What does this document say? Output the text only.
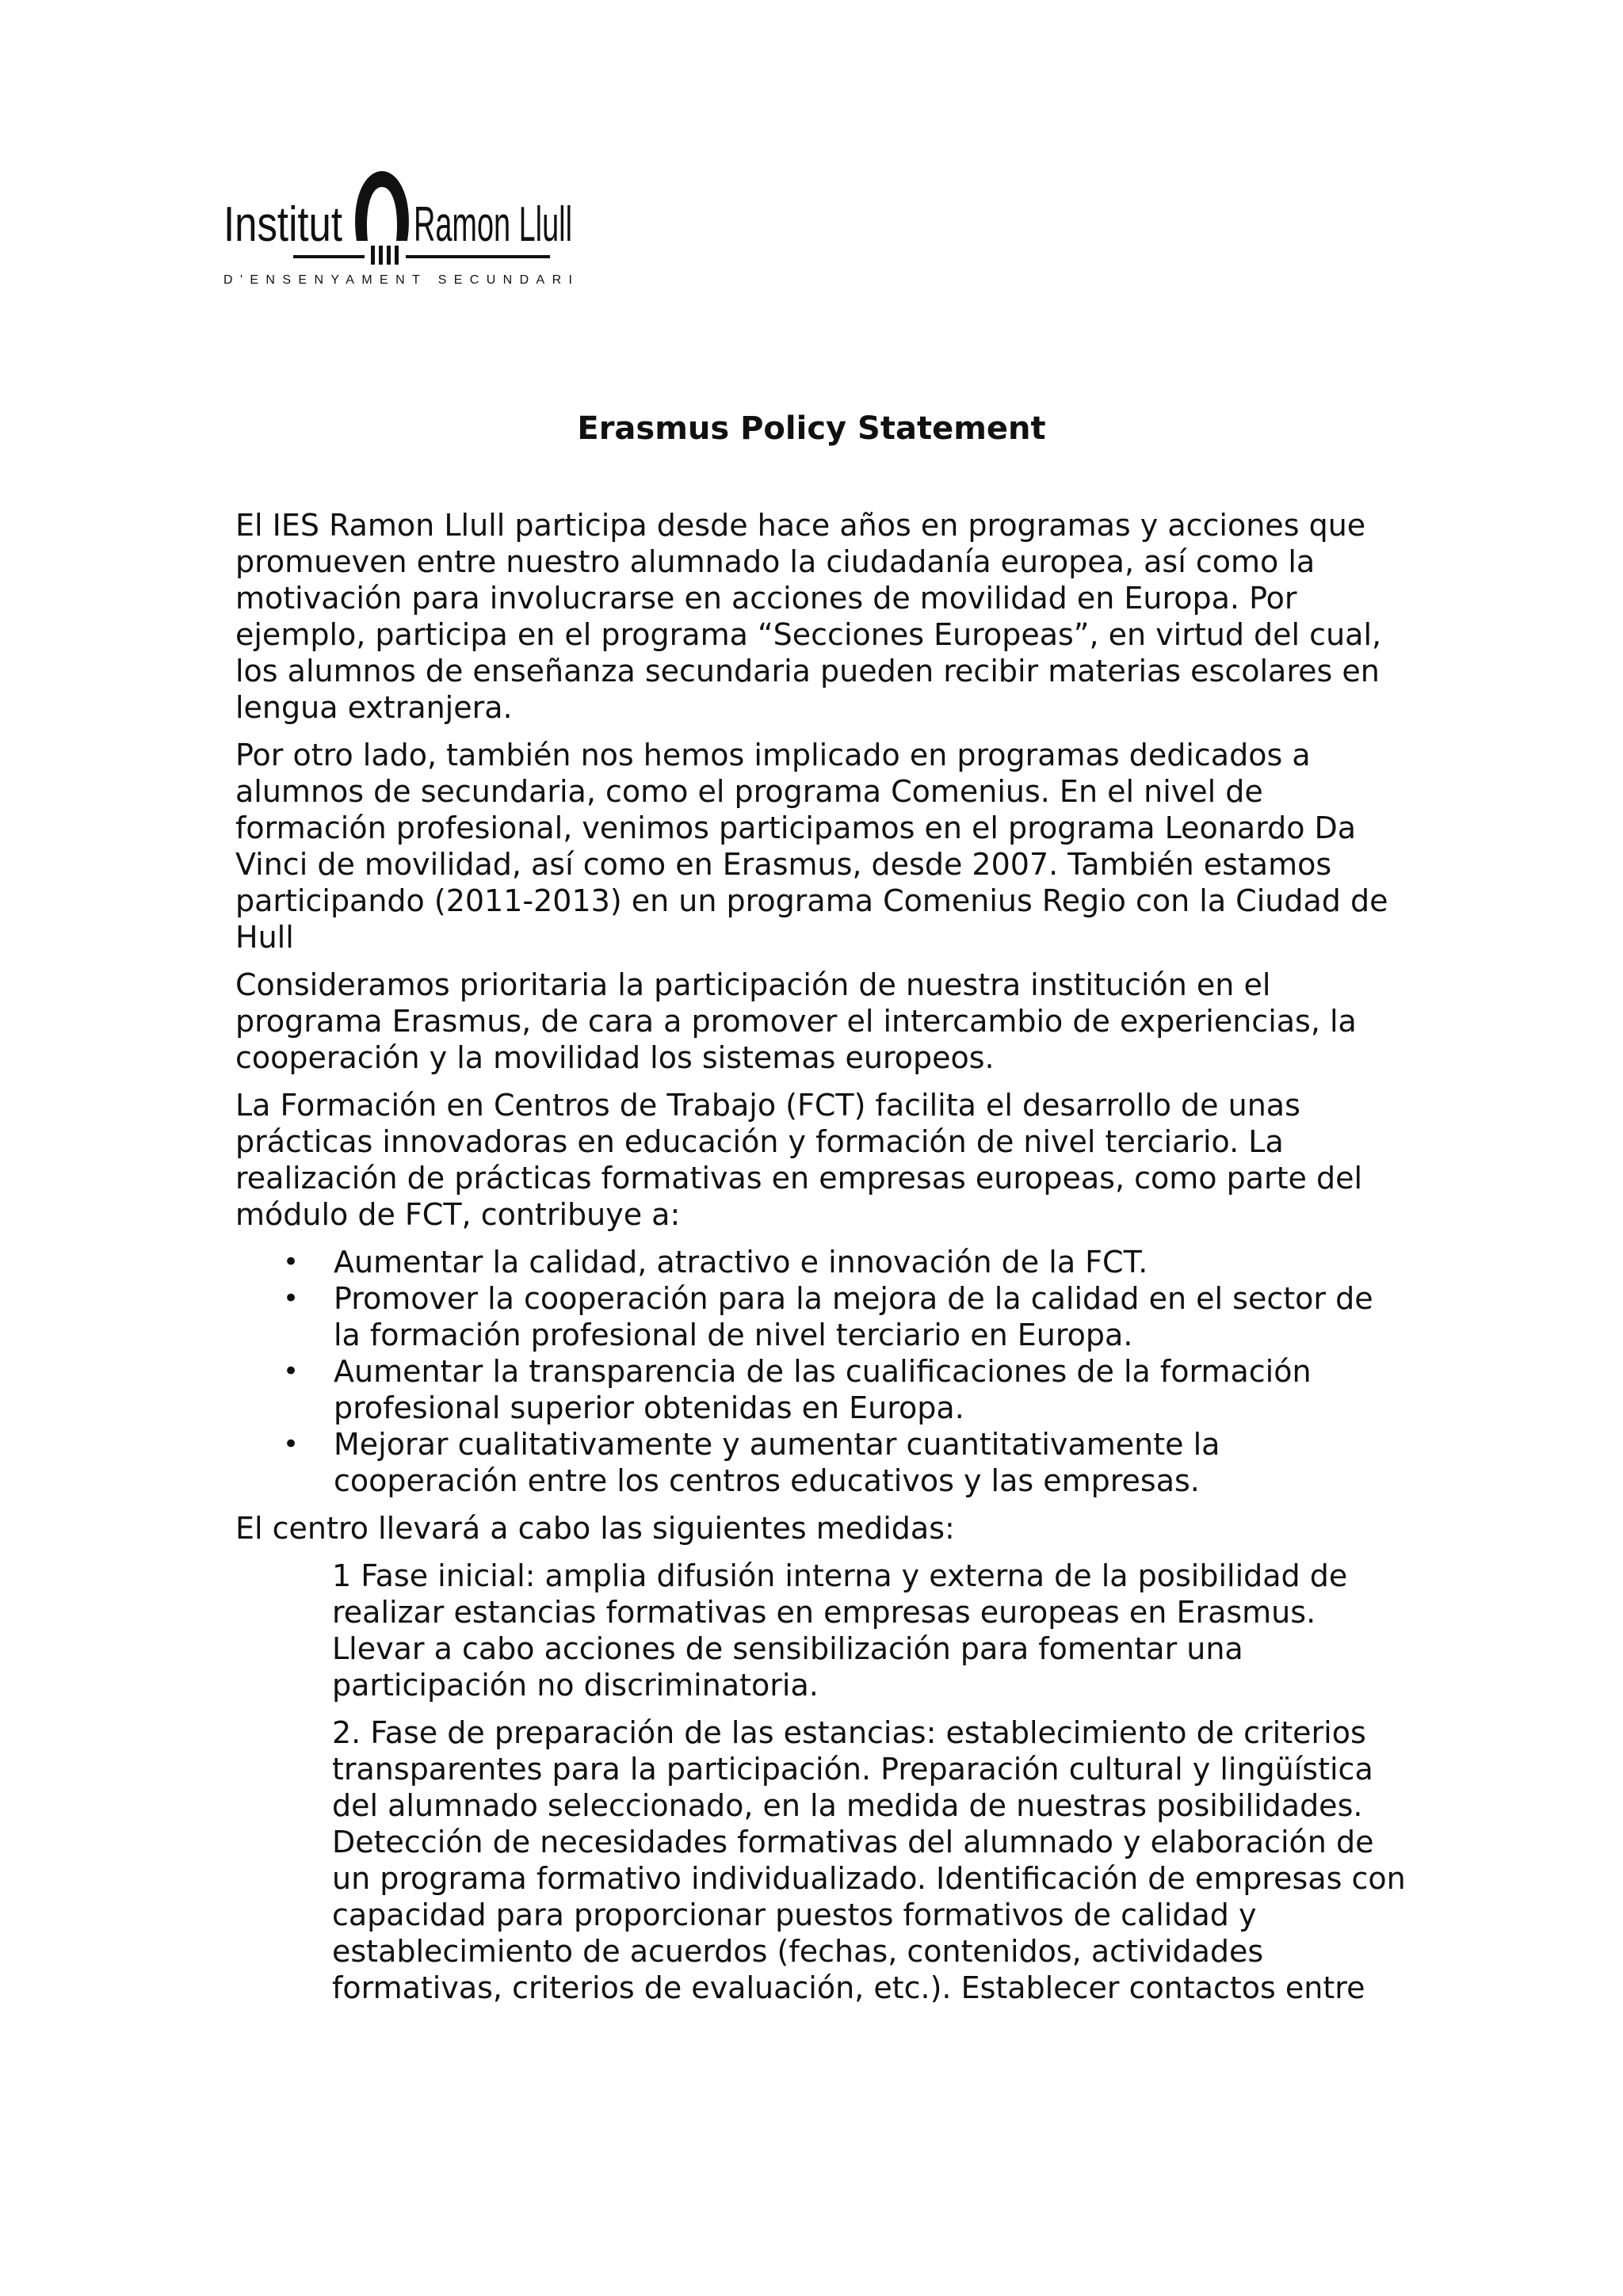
Institut Ramon Llull
D'ENSENYAMENT SECUNDARI
Erasmus Policy Statement

El IES Ramon Llull participa desde hace años en programas y acciones que promueven entre nuestro alumnado la ciudadanía europea, así como la motivación para involucrarse en acciones de movilidad en Europa. Por ejemplo, participa en el programa “Secciones Europeas”, en virtud del cual, los alumnos de enseñanza secundaria pueden recibir materias escolares en lengua extranjera.

Por otro lado, también nos hemos implicado en programas dedicados a alumnos de secundaria, como el programa Comenius. En el nivel de formación profesional, venimos participamos en el programa Leonardo Da Vinci de movilidad, así como en Erasmus, desde 2007. También estamos participando (2011-2013) en un programa Comenius Regio con la Ciudad de Hull

Consideramos prioritaria la participación de nuestra institución en el programa Erasmus, de cara a promover el intercambio de experiencias, la cooperación y la movilidad los sistemas europeos.

La Formación en Centros de Trabajo (FCT) facilita el desarrollo de unas prácticas innovadoras en educación y formación de nivel terciario. La realización de prácticas formativas en empresas europeas, como parte del módulo de FCT, contribuye a:

• Aumentar la calidad, atractivo e innovación de la FCT.
• Promover la cooperación para la mejora de la calidad en el sector de la formación profesional de nivel terciario en Europa.
• Aumentar la transparencia de las cualificaciones de la formación profesional superior obtenidas en Europa.
• Mejorar cualitativamente y aumentar cuantitativamente la cooperación entre los centros educativos y las empresas.

El centro llevará a cabo las siguientes medidas:

1 Fase inicial: amplia difusión interna y externa de la posibilidad de realizar estancias formativas en empresas europeas en Erasmus. Llevar a cabo acciones de sensibilización para fomentar una participación no discriminatoria.

2. Fase de preparación de las estancias: establecimiento de criterios transparentes para la participación. Preparación cultural y lingüística del alumnado seleccionado, en la medida de nuestras posibilidades. Detección de necesidades formativas del alumnado y elaboración de un programa formativo individualizado. Identificación de empresas con capacidad para proporcionar puestos formativos de calidad y establecimiento de acuerdos (fechas, contenidos, actividades formativas, criterios de evaluación, etc.). Establecer contactos entre
